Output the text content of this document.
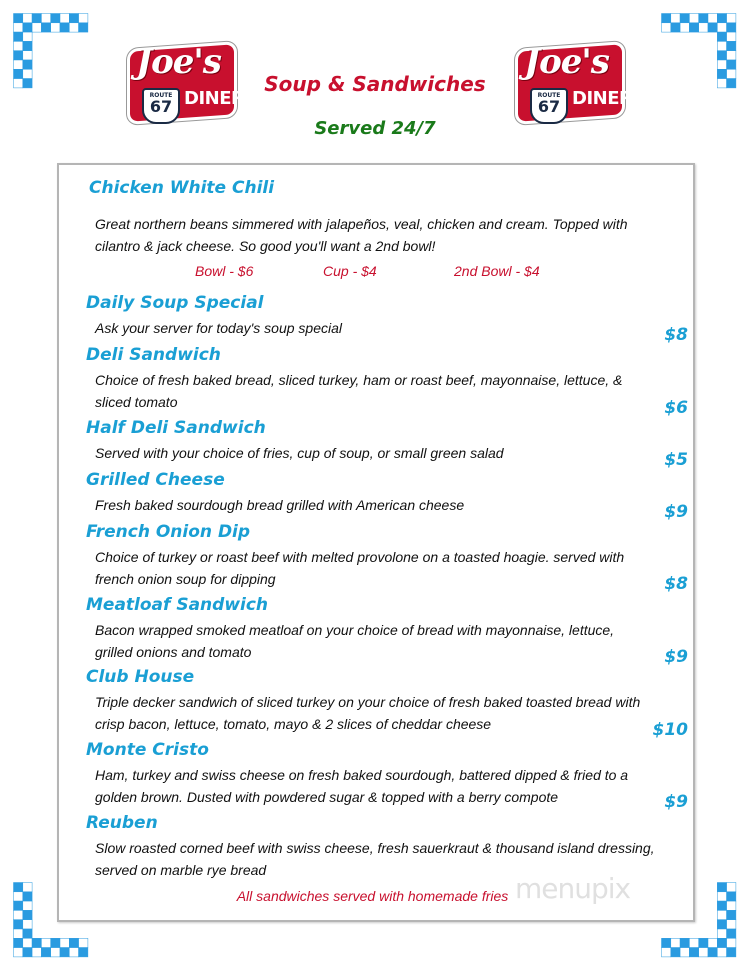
Joe's
DINER
ROUTE
67
Joe's
DINER
ROUTE
67
Soup & Sandwiches
Served 24/7
Chicken White Chili
Great northern beans simmered with jalapeños, veal, chicken and cream. Topped with cilantro & jack cheese. So good you'll want a 2nd bowl!
Bowl - $6	Cup - $4	2nd Bowl - $4
Daily Soup Special
Ask your server for today's soup special
Deli Sandwich
Choice of fresh baked bread, sliced turkey, ham or roast beef, mayonnaise, lettuce, & sliced tomato
Half Deli Sandwich
Served with your choice of fries, cup of soup, or small green salad
Grilled Cheese
Fresh baked sourdough bread grilled with American cheese
French Onion Dip
Choice of turkey or roast beef with melted provolone on a toasted hoagie. served with french onion soup for dipping
Meatloaf Sandwich
Bacon wrapped smoked meatloaf on your choice of bread with mayonnaise, lettuce, grilled onions and tomato
Club House
Triple decker sandwich of sliced turkey on your choice of fresh baked toasted bread with crisp bacon, lettuce, tomato, mayo & 2 slices of cheddar cheese
Monte Cristo
Ham, turkey and swiss cheese on fresh baked sourdough, battered dipped & fried to a golden brown. Dusted with powdered sugar & topped with a berry compote
Reuben
Slow roasted corned beef with swiss cheese, fresh sauerkraut & thousand island dressing, served on marble rye bread
$8
$6
$5
$9
$8
$9
$10
$9
All sandwiches served with homemade fries menupix
